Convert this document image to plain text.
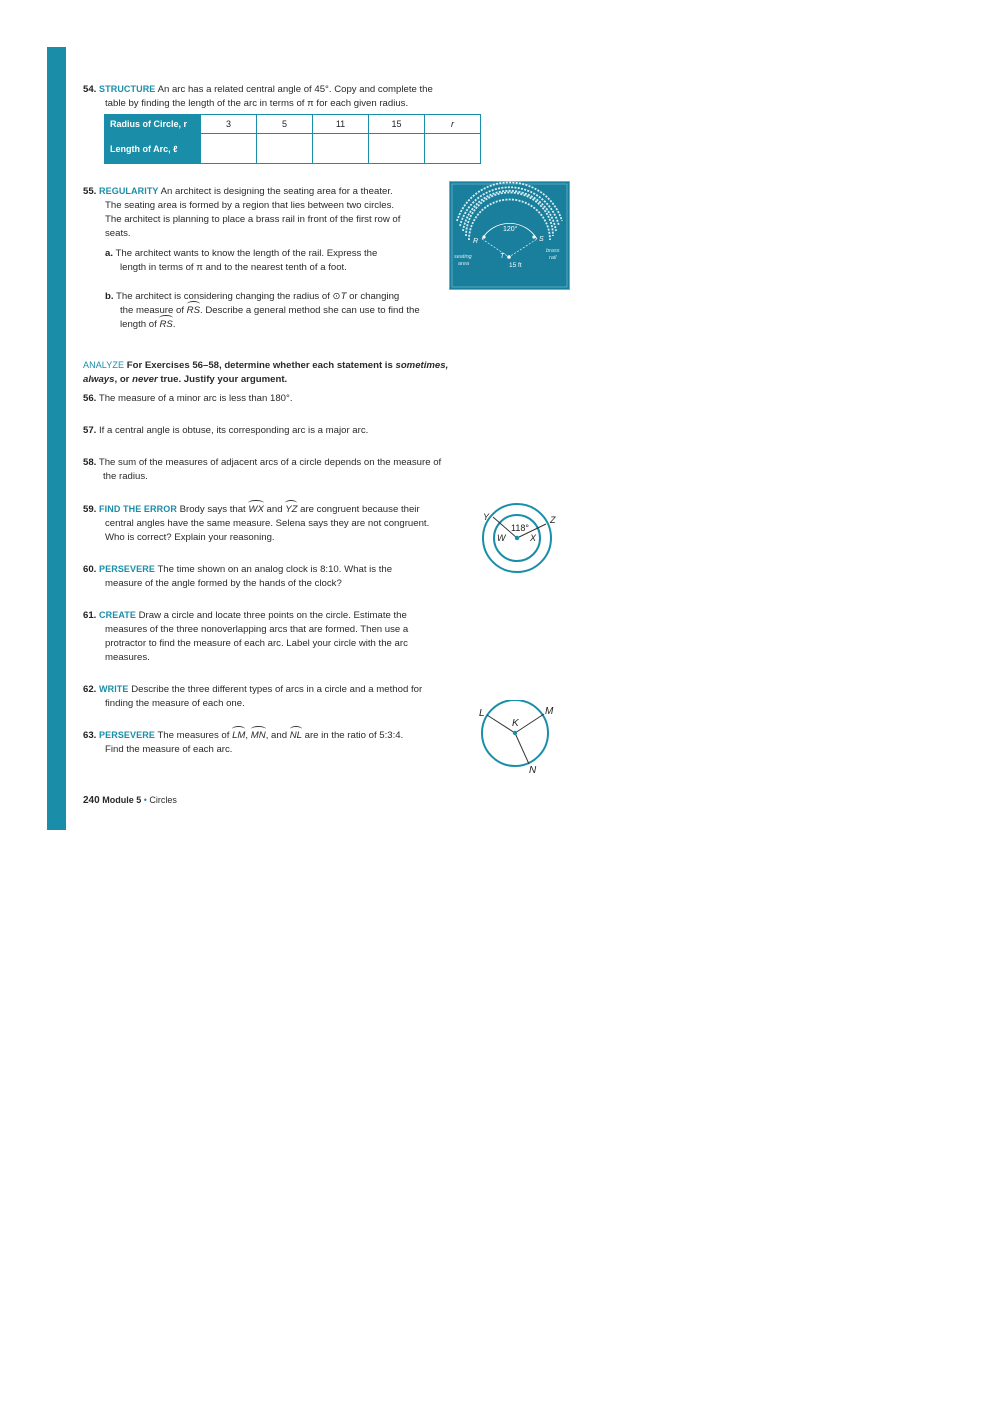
54. STRUCTURE An arc has a related central angle of 45°. Copy and complete the
table by finding the length of the arc in terms of π for each given radius.
Radius of Circle, r	3	5	11	15	r
Length of Arc, ℓ					
55. REGULARITY An architect is designing the seating area for a theater.
The seating area is formed by a region that lies between two circles.
The architect is planning to place a brass rail in front of the first row of
seats.
a. The architect wants to know the length of the rail. Express the
length in terms of π and to the nearest tenth of a foot.
b. The architect is considering changing the radius of ⊙T or changing
the measure of RS. Describe a general method she can use to find the
length of RS.
120°
R	S
T
15 ft
seating
area
brass
rail
ANALYZE For Exercises 56–58, determine whether each statement is sometimes,
always, or never true. Justify your argument.
56. The measure of a minor arc is less than 180°.
57. If a central angle is obtuse, its corresponding arc is a major arc.
58. The sum of the measures of adjacent arcs of a circle depends on the measure of
the radius.
59. FIND THE ERROR Brody says that WX and YZ are congruent because their
central angles have the same measure. Selena says they are not congruent.
Who is correct? Explain your reasoning.
118°
W	X
Y	Z
60. PERSEVERE The time shown on an analog clock is 8:10. What is the
measure of the angle formed by the hands of the clock?
61. CREATE Draw a circle and locate three points on the circle. Estimate the
measures of the three nonoverlapping arcs that are formed. Then use a
protractor to find the measure of each arc. Label your circle with the arc
measures.
62. WRITE Describe the three different types of arcs in a circle and a method for
finding the measure of each one.
63. PERSEVERE The measures of LM, MN, and NL are in the ratio of 5:3:4.
Find the measure of each arc.
L	M
K
N
240 Module 5 • Circles
